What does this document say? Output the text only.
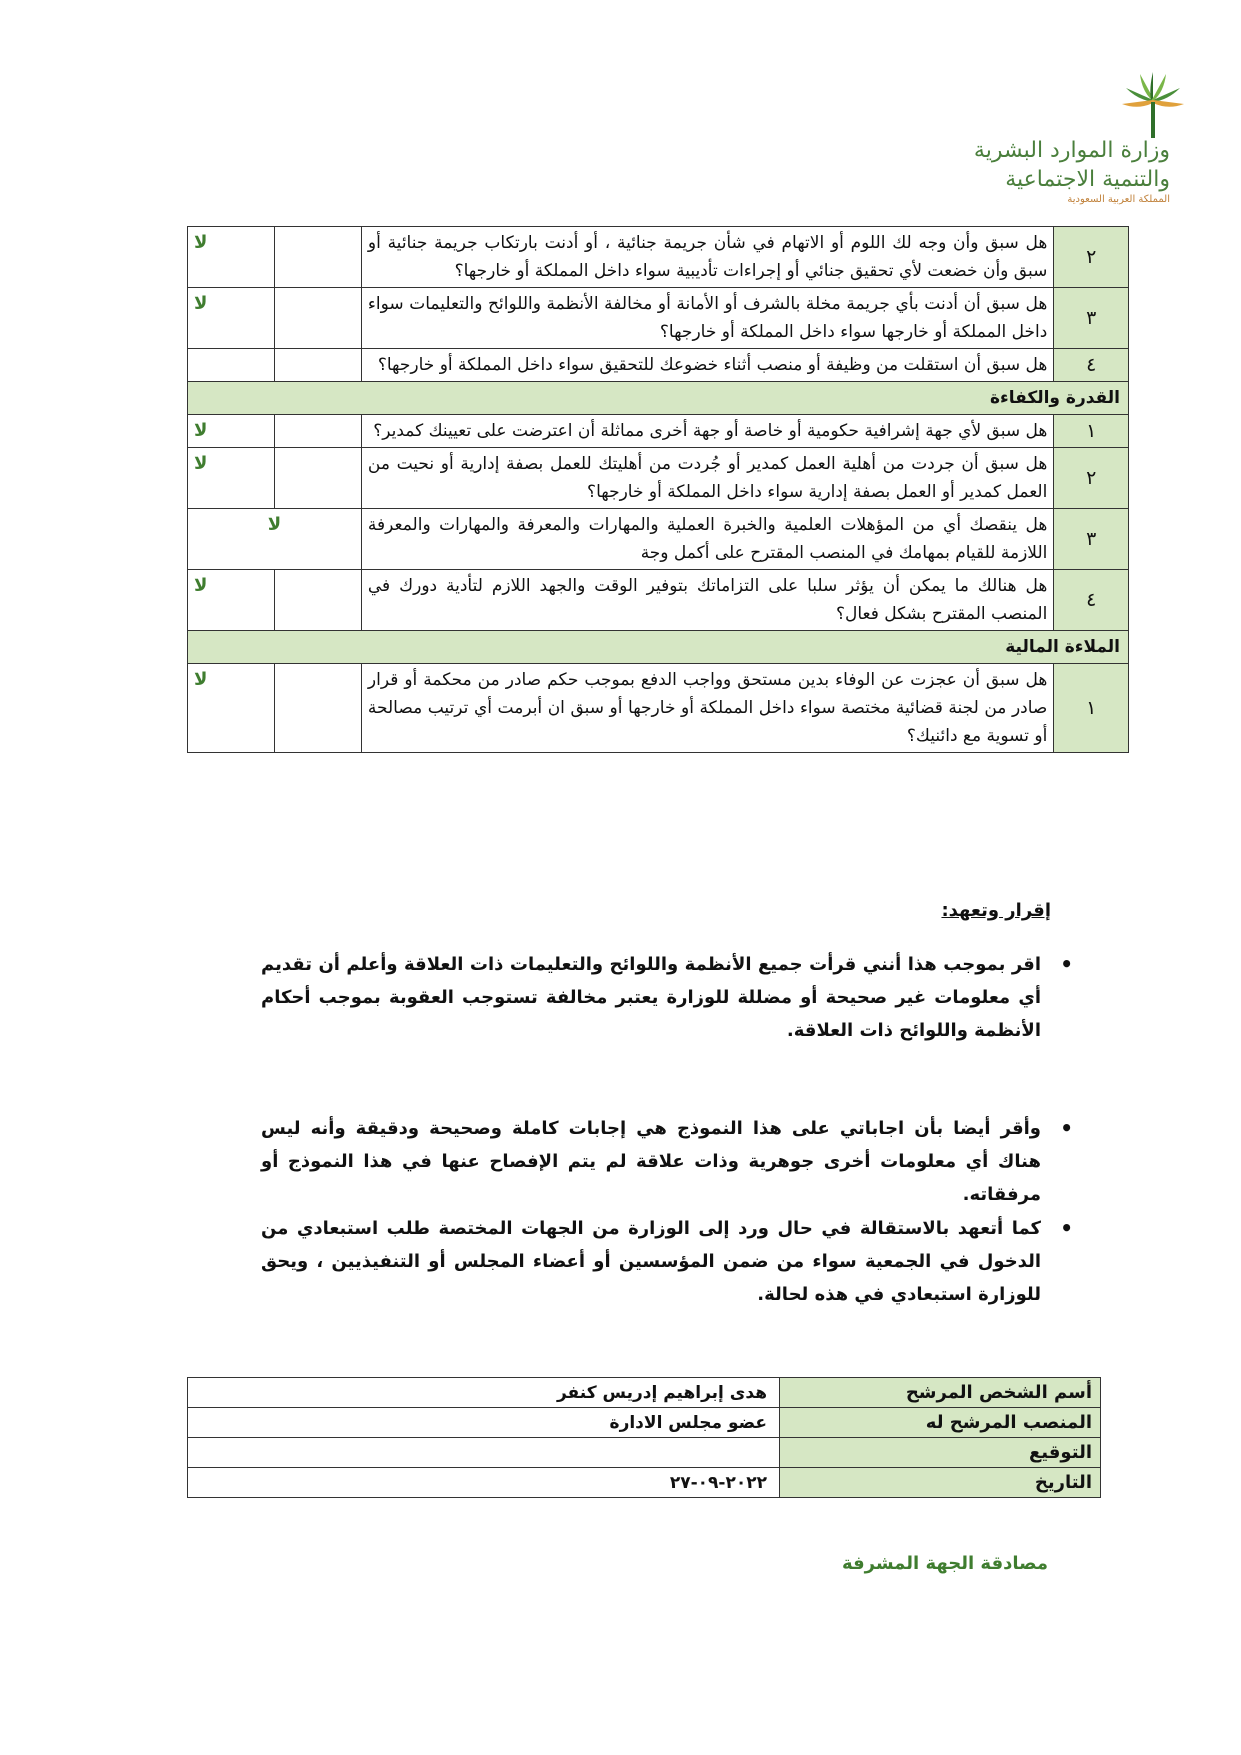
وزارة الموارد البشرية
والتنمية الاجتماعية
المملكة العربية السعودية
٢	هل سبق وأن وجه لك اللوم أو الاتهام في شأن جريمة جنائية ، أو أدنت بارتكاب جريمة جنائية أو سبق وأن خضعت لأي تحقيق جنائي أو إجراءات تأديبية سواء داخل المملكة أو خارجها؟		لا
٣	هل سبق أن أدنت بأي جريمة مخلة بالشرف أو الأمانة أو مخالفة الأنظمة واللوائح والتعليمات سواء داخل المملكة أو خارجها سواء داخل المملكة أو خارجها؟		لا
٤	هل سبق أن استقلت من وظيفة أو منصب أثناء خضوعك للتحقيق سواء داخل المملكة أو خارجها؟		
القدرة والكفاءة			
١	هل سبق لأي جهة إشرافية حكومية أو خاصة أو جهة أخرى مماثلة أن اعترضت على تعيينك كمدير؟		لا
٢	هل سبق أن جردت من أهلية العمل كمدير أو جُردت من أهليتك للعمل بصفة إدارية أو نحيت من العمل كمدير أو العمل بصفة إدارية سواء داخل المملكة أو خارجها؟		لا
٣	هل ينقصك أي من المؤهلات العلمية والخبرة العملية والمهارات والمعرفة والمهارات والمعرفة اللازمة للقيام بمهامك في المنصب المقترح على أكمل وجة	لا	
٤	هل هنالك ما يمكن أن يؤثر سلبا على التزاماتك بتوفير الوقت والجهد اللازم لتأدية دورك في المنصب المقترح بشكل فعال؟		لا
الملاءة المالية			
١	هل سبق أن عجزت عن الوفاء بدين مستحق وواجب الدفع بموجب حكم صادر من محكمة أو قرار صادر من لجنة قضائية مختصة سواء داخل المملكة أو خارجها أو سبق ان أبرمت أي ترتيب مصالحة أو تسوية مع دائنيك؟		لا
إقرار وتعهد:
•
اقر بموجب هذا أنني قرأت جميع الأنظمة واللوائح والتعليمات ذات العلاقة وأعلم أن تقديم أي معلومات غير صحيحة أو مضللة للوزارة يعتبر مخالفة تستوجب العقوبة بموجب أحكام الأنظمة واللوائح ذات العلاقة.
•
وأقر أيضا بأن اجاباتي على هذا النموذج هي إجابات كاملة وصحيحة ودقيقة وأنه ليس هناك أي معلومات أخرى جوهرية وذات علاقة لم يتم الإفصاح عنها في هذا النموذج أو مرفقاته.
•
كما أتعهد بالاستقالة في حال ورد إلى الوزارة من الجهات المختصة طلب استبعادي من الدخول في الجمعية سواء من ضمن المؤسسين أو أعضاء المجلس أو التنفيذيين ، ويحق للوزارة استبعادي في هذه لحالة.
أسم الشخص المرشح	هدى إبراهيم إدريس كنفر
المنصب المرشح له	عضو مجلس الادارة
التوقيع	
التاريخ	٢٠٢٢-٠٩-٢٧
مصادقة الجهة المشرفة
